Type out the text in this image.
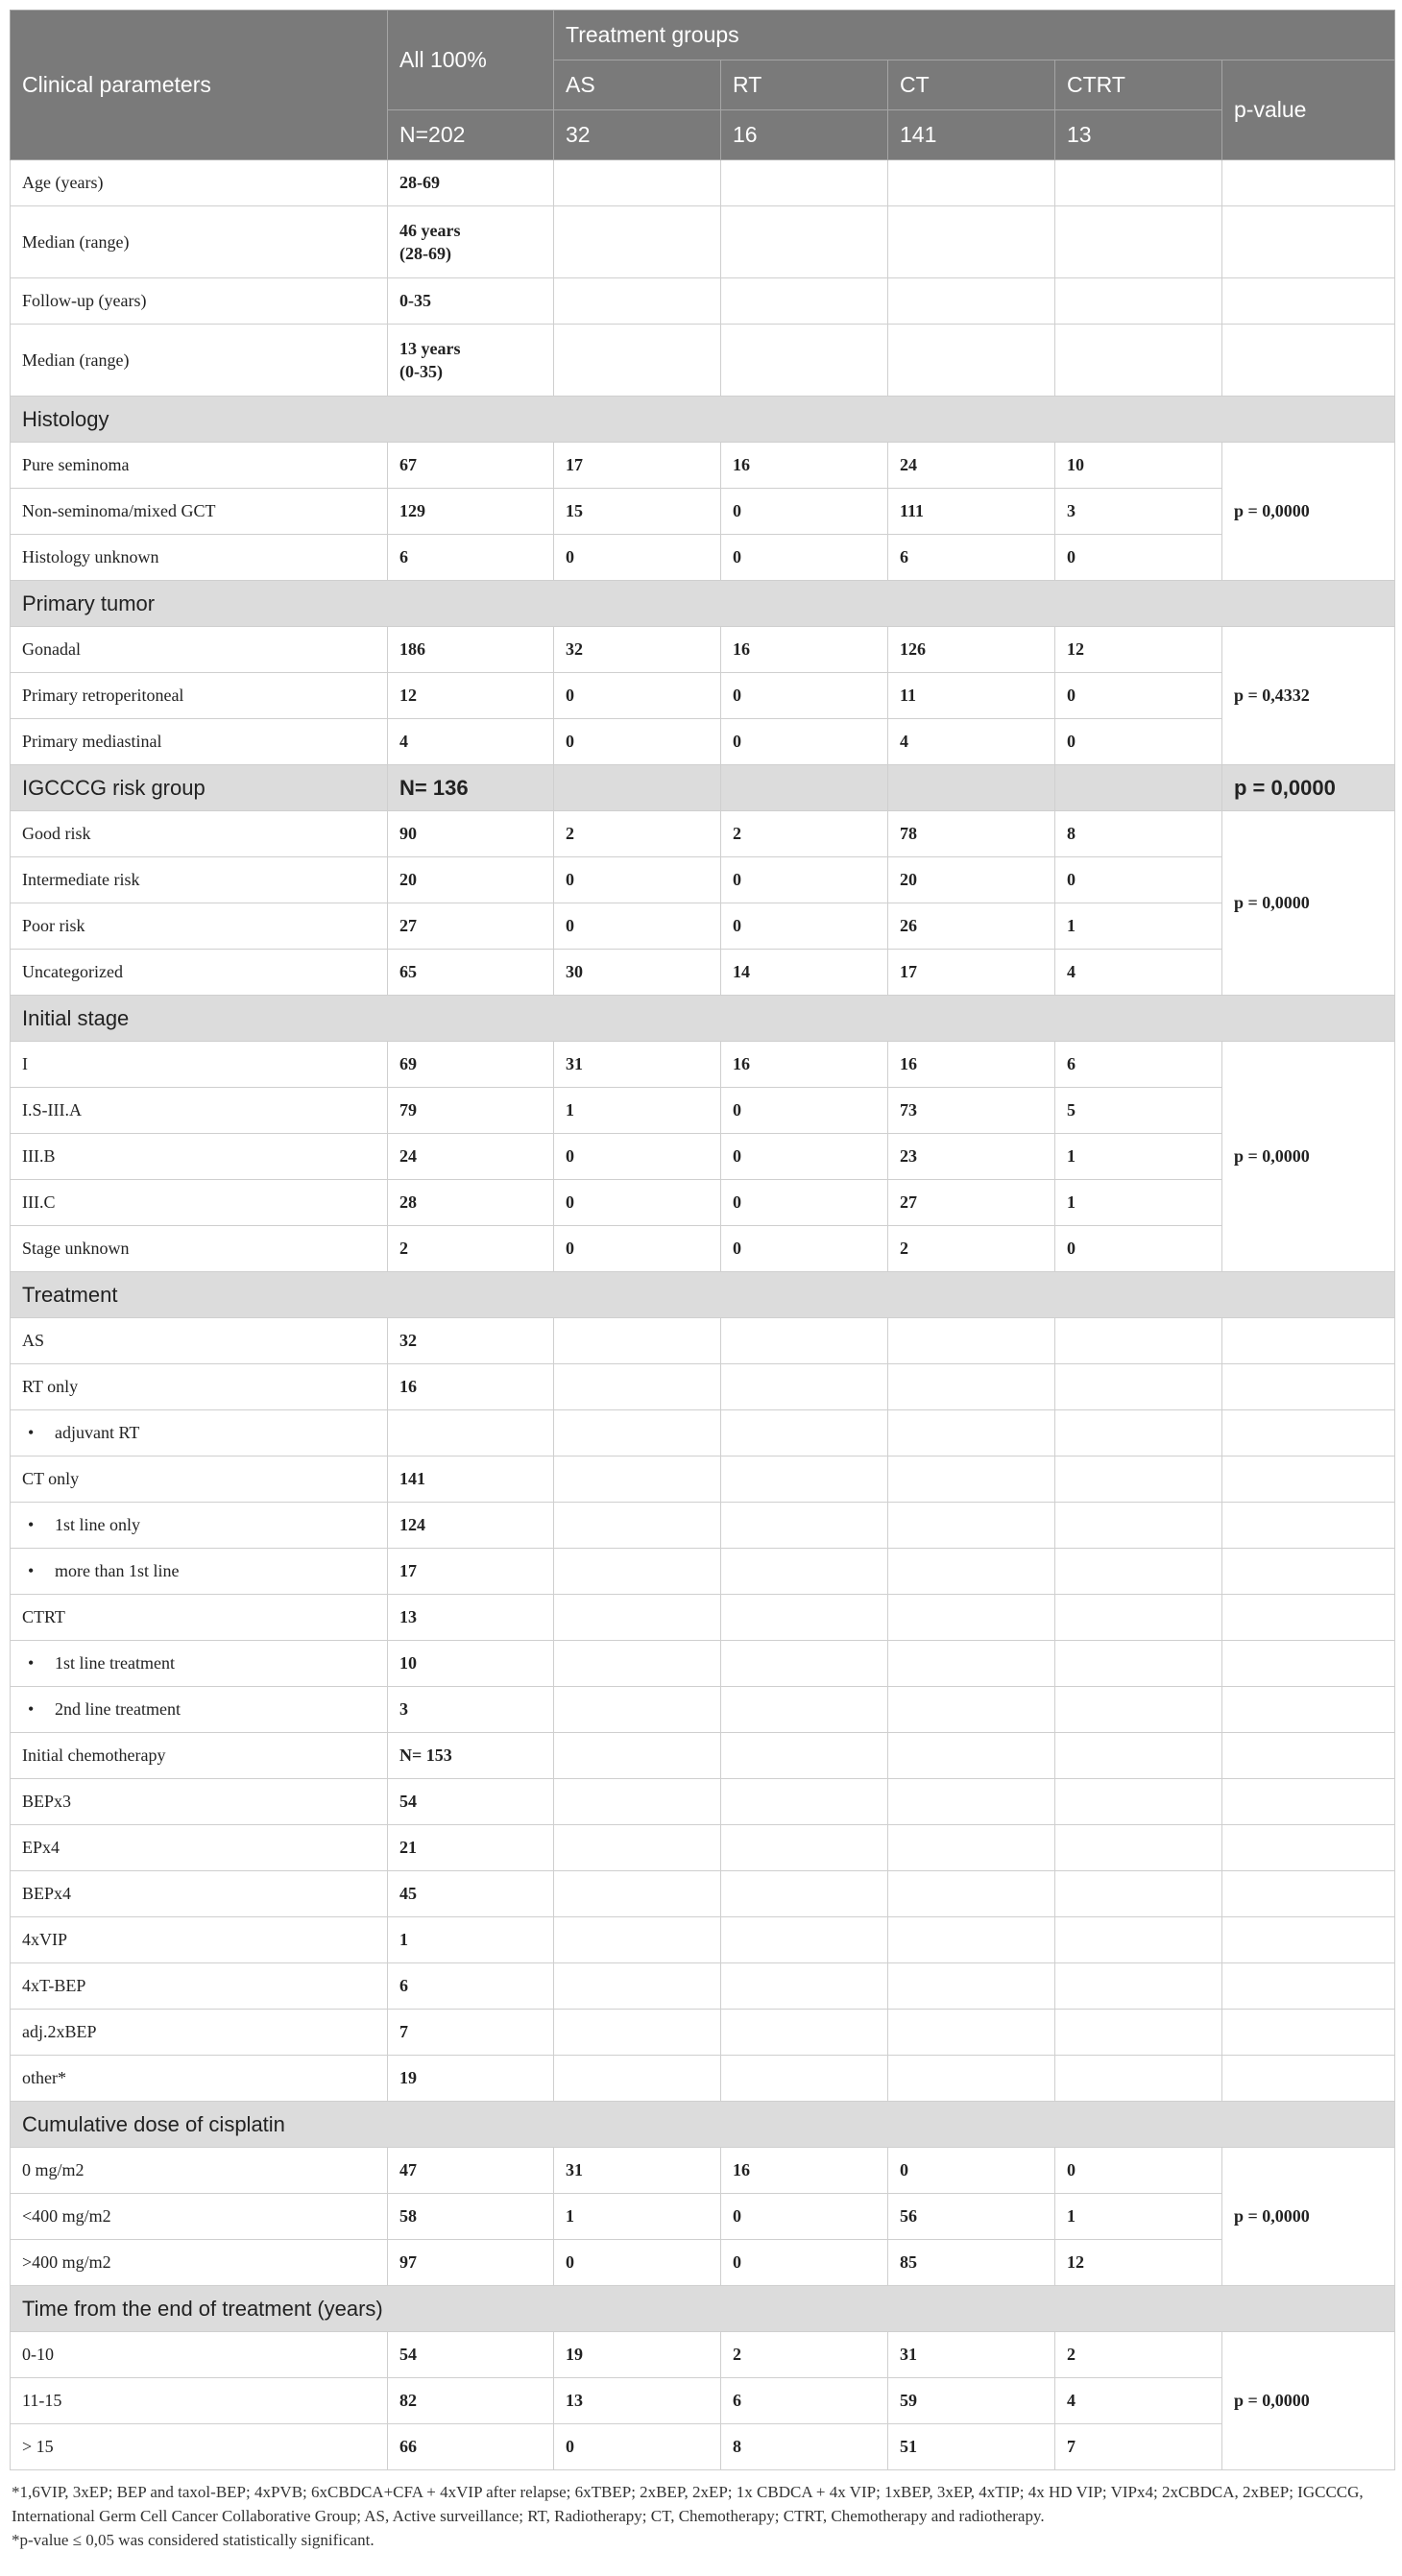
Clinical parameters	All 100%	Treatment groups				
		AS	RT	CT	CTRT	p-value
	N=202	32	16	141	13	
Age (years)	28-69					
Median (range)	46 years
(28-69)					
Follow-up (years)	0-35					
Median (range)	13 years
(0-35)					
Histology						
Pure seminoma	67	17	16	24	10	p = 0,0000
Non-seminoma/mixed GCT	129	15	0	111	3	
Histology unknown	6	0	0	6	0	
Primary tumor						
Gonadal	186	32	16	126	12	p = 0,4332
Primary retroperitoneal	12	0	0	11	0	
Primary mediastinal	4	0	0	4	0	
IGCCCG risk group	N= 136					p = 0,0000
Good risk	90	2	2	78	8	p = 0,0000
Intermediate risk	20	0	0	20	0	
Poor risk	27	0	0	26	1	
Uncategorized	65	30	14	17	4	
Initial stage						
I	69	31	16	16	6	p = 0,0000
I.S-III.A	79	1	0	73	5	
III.B	24	0	0	23	1	
III.C	28	0	0	27	1	
Stage unknown	2	0	0	2	0	
Treatment						
AS	32					
RT only	16					
• adjuvant RT						
CT only	141					
• 1st line only	124					
• more than 1st line	17					
CTRT	13					
• 1st line treatment	10					
• 2nd line treatment	3					
Initial chemotherapy	N= 153					
BEPx3	54					
EPx4	21					
BEPx4	45					
4xVIP	1					
4xT-BEP	6					
adj.2xBEP	7					
other*	19					
Cumulative dose of cisplatin						
0 mg/m2	47	31	16	0	0	p = 0,0000
<400 mg/m2	58	1	0	56	1	
>400 mg/m2	97	0	0	85	12	
Time from the end of treatment (years)						
0-10	54	19	2	31	2	p = 0,0000
11-15	82	13	6	59	4	
> 15	66	0	8	51	7	
*1,6VIP, 3xEP; BEP and taxol-BEP; 4xPVB; 6xCBDCA+CFA + 4xVIP after relapse; 6xTBEP; 2xBEP, 2xEP; 1x CBDCA + 4x VIP; 1xBEP, 3xEP, 4xTIP; 4x HD VIP; VIPx4; 2xCBDCA, 2xBEP; IGCCCG, International Germ Cell Cancer Collaborative Group; AS, Active surveillance; RT, Radiotherapy; CT, Chemotherapy; CTRT, Chemotherapy and radiotherapy.
*p-value ≤ 0,05 was considered statistically significant.
